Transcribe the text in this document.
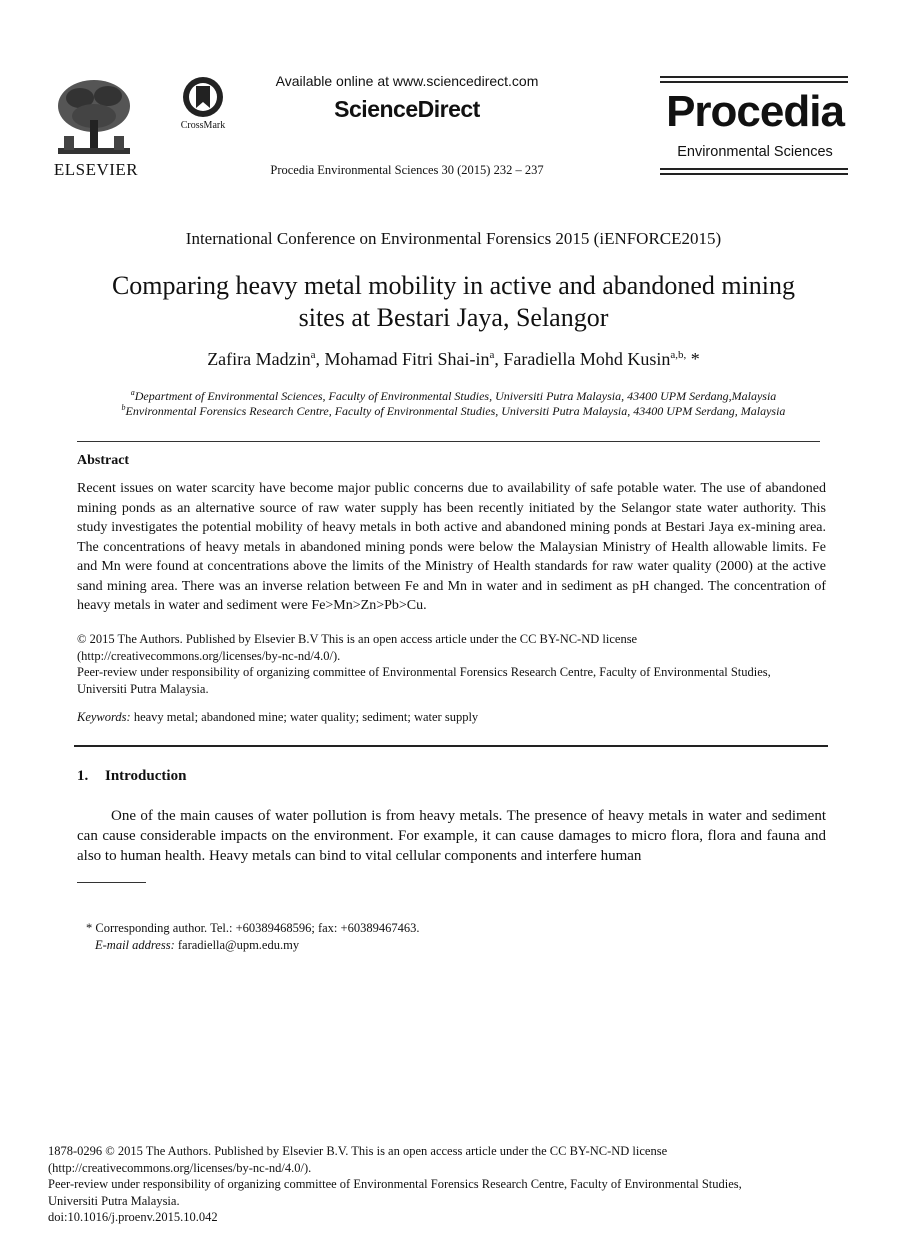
ELSEVIER
CrossMark
Available online at www.sciencedirect.com
ScienceDirect
Procedia Environmental Sciences 30 (2015) 232 – 237
Procedia
Environmental Sciences
International Conference on Environmental Forensics 2015 (iENFORCE2015)
Comparing heavy metal mobility in active and abandoned mining
sites at Bestari Jaya, Selangor
Zafira Madzin$^a$, Mohamad Fitri Shai-$in^a$, Faradiella Mohd Kusin$^{a,b,}$ *
$^a$Department of Environmental Sciences, Faculty of Environmental Studies, Universiti Putra Malaysia, 43400 UPM Serdang,Malaysia
$^b$Environmental Forensics Research Centre, Faculty of Environmental Studies, Universiti Putra Malaysia, 43400 UPM Serdang, Malaysia
Abstract
Recent issues on water scarcity have become major public concerns due to availability of safe potable water. The use of abandoned mining ponds as an alternative source of raw water supply has been recently initiated by the Selangor state water authority. This study investigates the potential mobility of heavy metals in both active and abandoned mining ponds at Bestari Jaya ex-mining area. The concentrations of heavy metals in abandoned mining ponds were below the Malaysian Ministry of Health allowable limits. Fe and Mn were found at concentrations above the limits of the Ministry of Health standards for raw water quality (2000) at the active sand mining area. There was an inverse relation between Fe and Mn in water and in sediment as pH changed. The concentration of heavy metals in water and sediment were Fe>Mn>Zn>Pb>Cu.
© 2015 The Authors. Published by Elsevier B.V This is an open access article under the CC BY-NC-ND license
(http://creativecommons.org/licenses/by-nc-nd/4.0/).
Peer-review under responsibility of organizing committee of Environmental Forensics Research Centre, Faculty of Environmental Studies,
Universiti Putra Malaysia.
Keywords: heavy metal; abandoned mine; water quality; sediment; water supply
1. Introduction
One of the main causes of water pollution is from heavy metals. The presence of heavy metals in water and sediment can cause considerable impacts on the environment. For example, it can cause damages to micro flora, flora and fauna and also to human health. Heavy metals can bind to vital cellular components and interfere human
* Corresponding author. Tel.: +60389468596; fax: +60389467463.
E-mail address: faradiella@upm.edu.my
1878-0296 © 2015 The Authors. Published by Elsevier B.V. This is an open access article under the CC BY-NC-ND license
(http://creativecommons.org/licenses/by-nc-nd/4.0/).
Peer-review under responsibility of organizing committee of Environmental Forensics Research Centre, Faculty of Environmental Studies,
Universiti Putra Malaysia.
doi:10.1016/j.proenv.2015.10.042
